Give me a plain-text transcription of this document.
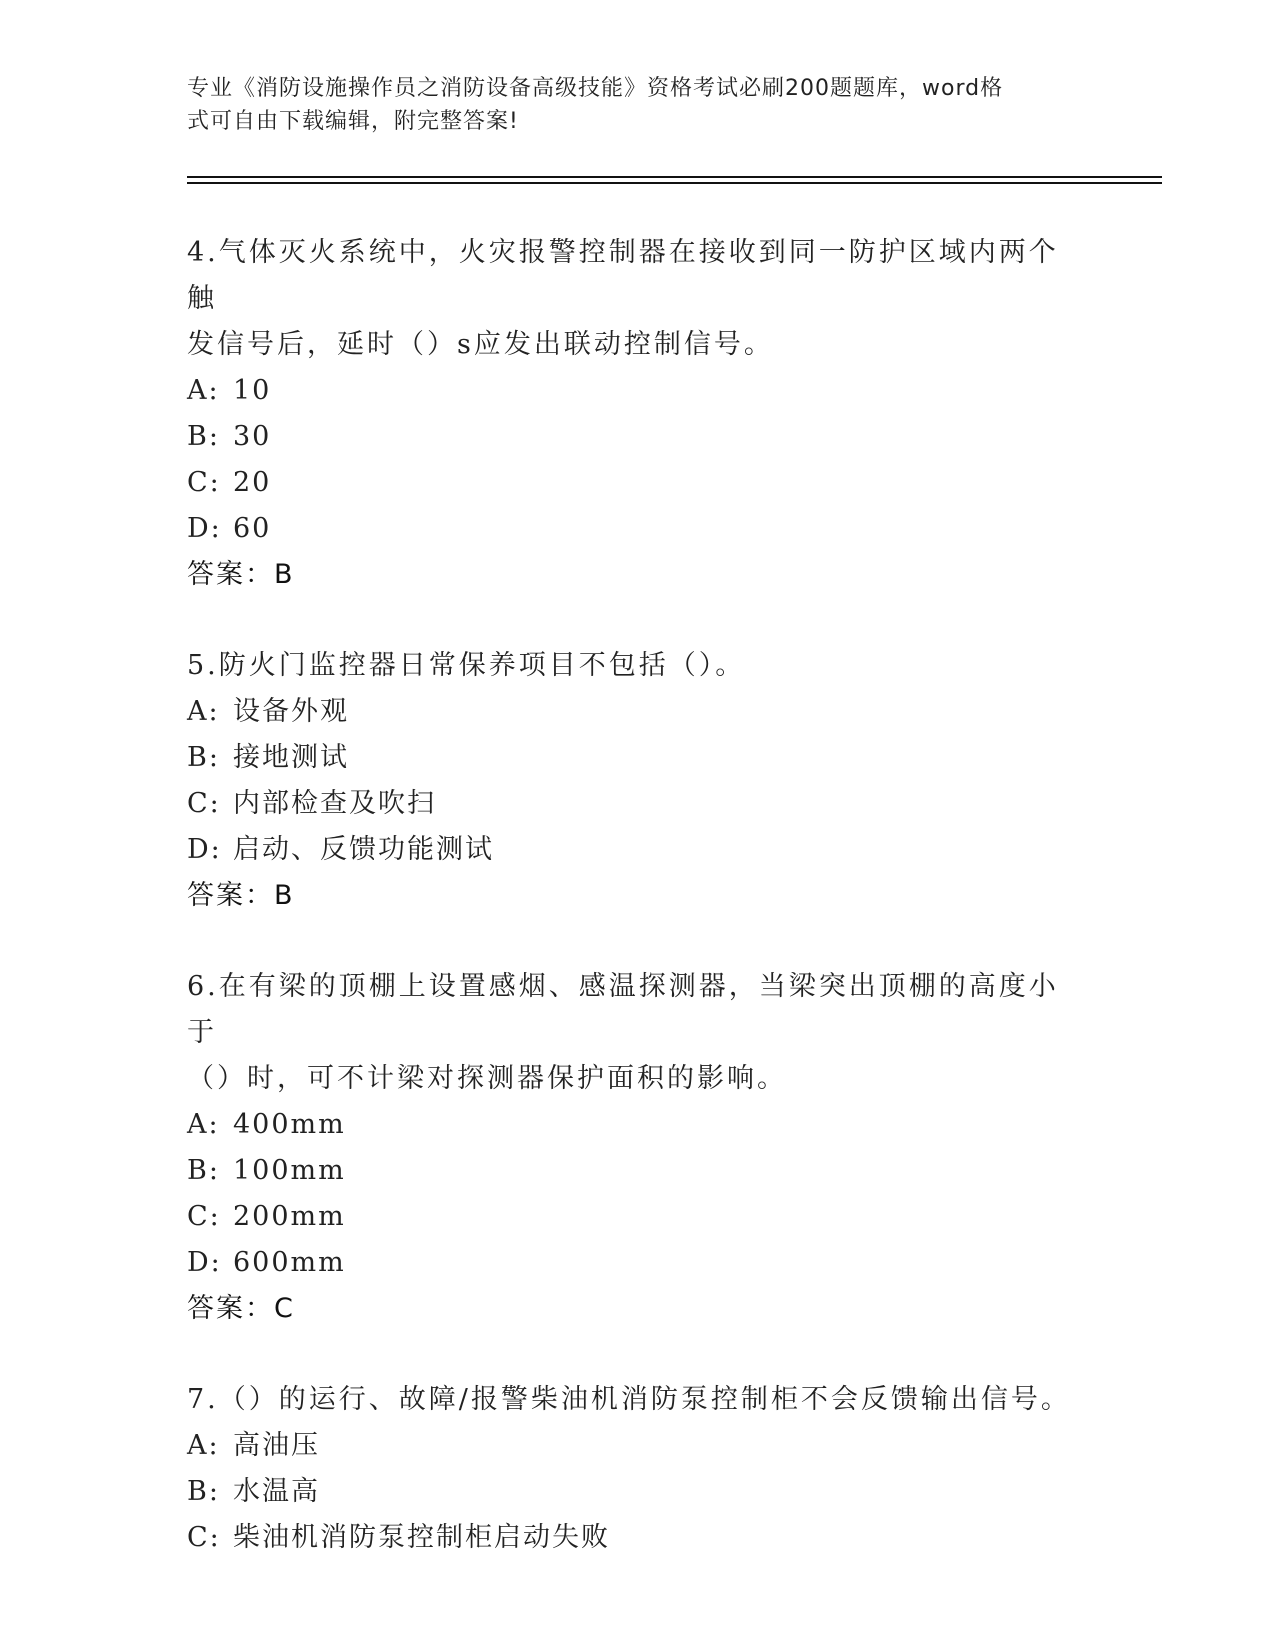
专业《消防设施操作员之消防设备高级技能》资格考试必刷200题题库，word格
式可自由下载编辑，附完整答案!
4.气体灭火系统中，火灾报警控制器在接收到同一防护区域内两个触
发信号后，延时（）s应发出联动控制信号。
A: 10
B: 30
C: 20
D: 60
答案：B
5.防火门监控器日常保养项目不包括（）。
A: 设备外观
B: 接地测试
C: 内部检查及吹扫
D: 启动、反馈功能测试
答案：B
6.在有梁的顶棚上设置感烟、感温探测器，当梁突出顶棚的高度小于
（）时，可不计梁对探测器保护面积的影响。
A: 400mm
B: 100mm
C: 200mm
D: 600mm
答案：C
7.（）的运行、故障/报警柴油机消防泵控制柜不会反馈输出信号。
A: 高油压
B: 水温高
C: 柴油机消防泵控制柜启动失败
